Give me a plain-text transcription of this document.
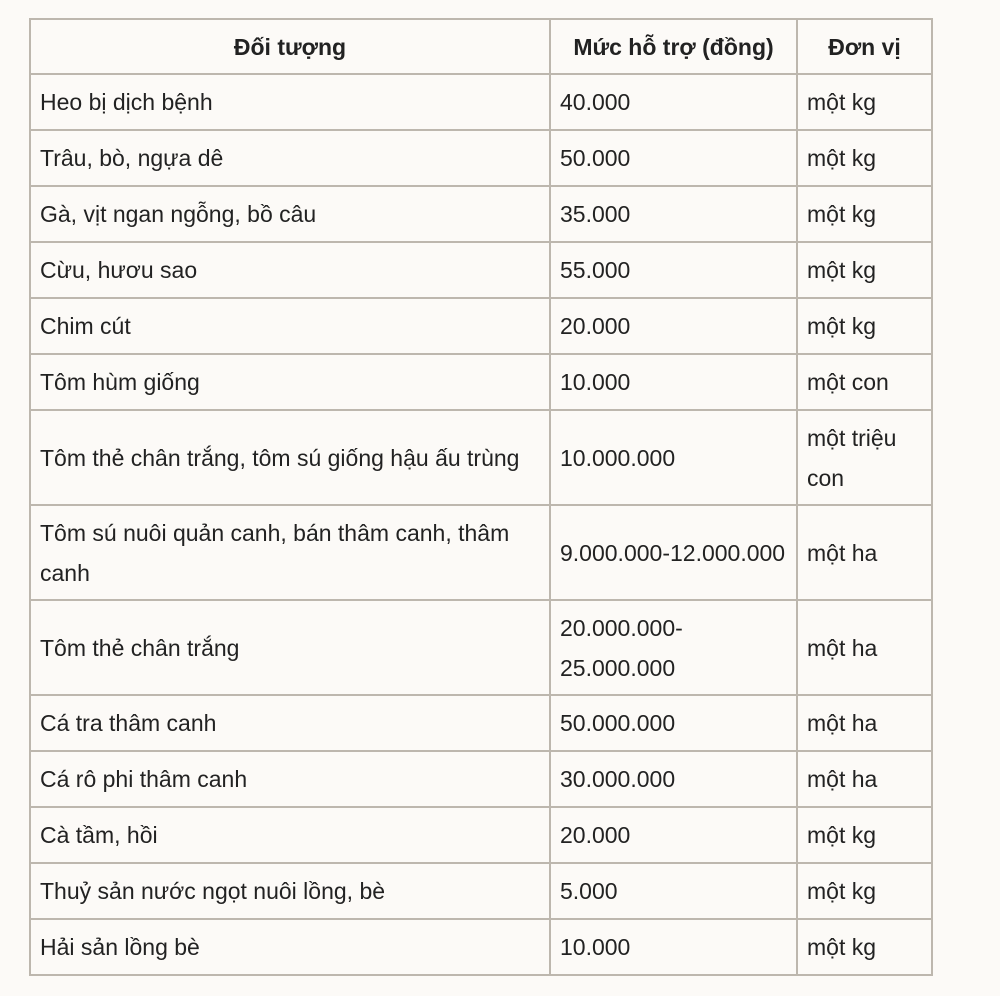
Đối tượng	Mức hỗ trợ (đồng)	Đơn vị
Heo bị dịch bệnh	40.000	một kg
Trâu, bò, ngựa dê	50.000	một kg
Gà, vịt ngan ngỗng, bồ câu	35.000	một kg
Cừu, hươu sao	55.000	một kg
Chim cút	20.000	một kg
Tôm hùm giống	10.000	một con
Tôm thẻ chân trắng, tôm sú giống hậu ấu trùng	10.000.000	một triệu con
Tôm sú nuôi quản canh, bán thâm canh, thâm canh	9.000.000-12.000.000	một ha
Tôm thẻ chân trắng	20.000.000-25.000.000	một ha
Cá tra thâm canh	50.000.000	một ha
Cá rô phi thâm canh	30.000.000	một ha
Cà tầm, hồi	20.000	một kg
Thuỷ sản nước ngọt nuôi lồng, bè	5.000	một kg
Hải sản lồng bè	10.000	một kg
